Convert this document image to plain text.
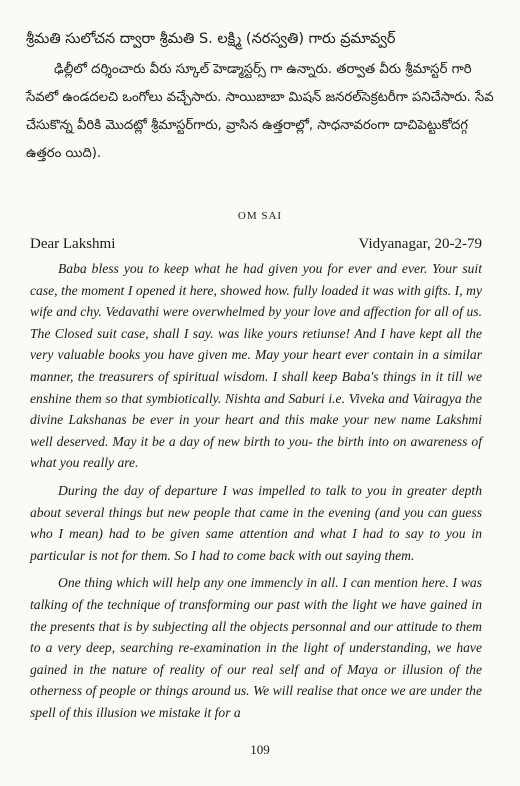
శ్రీమతి సులోచన ద్వారా శ్రీమతి S. లక్ష్మి (నరస్వతి) గారు వ్రమావ్వర్
ఢిల్లీలో దర్శించారు వీరు స్కూల్ హెడ్మాస్టర్స్ గా ఉన్నారు. తర్వాత వీరు శ్రీమాస్టర్ గారి సేవలో ఉండదలచి ఒంగోలు వచ్చేసారు. సాయిబాబా మిషన్ జనరల్‌సెక్రటరీగా పనిచేసారు. సేవ చేసుకొన్న వీరికి మొదట్లో శ్రీమాస్టర్‌గారు, వ్రాసిన ఉత్తరాల్లో, సాధనావరంగా దాచిపెట్టుకోదగ్గ ఉత్తరం యిది).
OM SAI
Dear Lakshmi	Vidyanagar, 20-2-79

Baba bless you to keep what he had given you for ever and ever. Your suit case, the moment I opened it here, showed how. fully loaded it was with gifts. I, my wife and chy. Vedavathi were overwhelmed by your love and affection for all of us. The Closed suit case, shall I say. was like yours retiunse! And I have kept all the very valuable books you have given me. May your heart ever contain in a similar manner, the treasurers of spiritual wisdom. I shall keep Baba's things in it till we enshine them so that symbiotically. Nishta and Saburi i.e. Viveka and Vairagya the divine Lakshanas be ever in your heart and this make your new name Lakshmi well deserved. May it be a day of new birth to you- the birth into on awareness of what you really are.

During the day of departure I was impelled to talk to you in greater depth about several things but new people that came in the evening (and you can guess who I mean) had to be given same attention and what I had to say to you in particular is not for them. So I had to come back with out saying them.

One thing which will help any one immencly in all. I can mention here. I was talking of the technique of transforming our past with the light we have gained in the presents that is by subjecting all the objects personnal and our attitude to them to a very deep, searching re-examination in the light of understanding, we have gained in the nature of reality of our real self and of Maya or illusion of the otherness of people or things around us. We will realise that once we are under the spell of this illusion we mistake it for a

109
